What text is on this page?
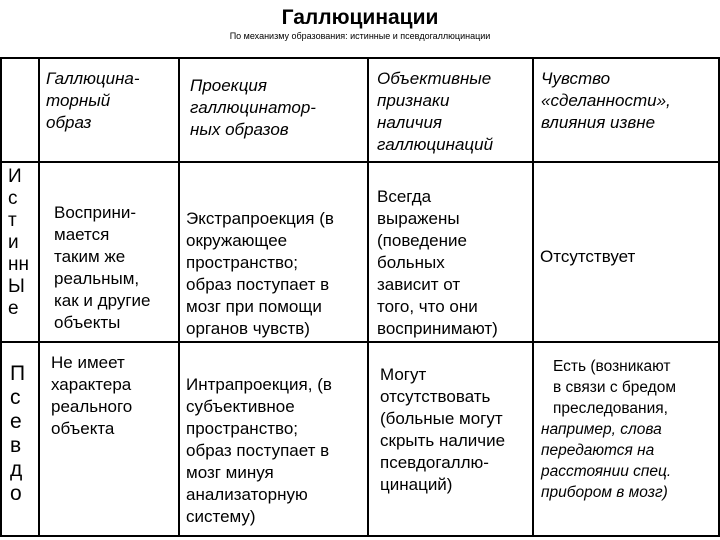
Галлюцинации
По механизму образования: истинные и псевдогаллюцинации
Галлюцина-
торный
образ
Проекция
галлюцинатор-
ных образов
Объективные
признаки
наличия
галлюцинаций
Чувство
«сделанности»,
влияния извне
И
с
т
и
нн
Ы
е
Восприни-
мается
таким же
реальным,
как и другие
объекты
Экстрапроекция (в
окружающее
пространство;
образ поступает в
мозг при помощи
органов чувств)
Всегда
выражены
(поведение
больных
зависит от
того, что они
воспринимают)
Отсутствует
П
с
е
в
д
о
Не имеет
характера
реального
объекта
Интрапроекция, (в
субъективное
пространство;
образ поступает в
мозг минуя
анализаторную
систему)
Могут
отсутствовать
(больные могут
скрыть наличие
псевдогаллю-
цинаций)
Есть (возникают
в связи с бредом
преследования,
например, слова
передаются на
расстоянии спец.
прибором в мозг)
